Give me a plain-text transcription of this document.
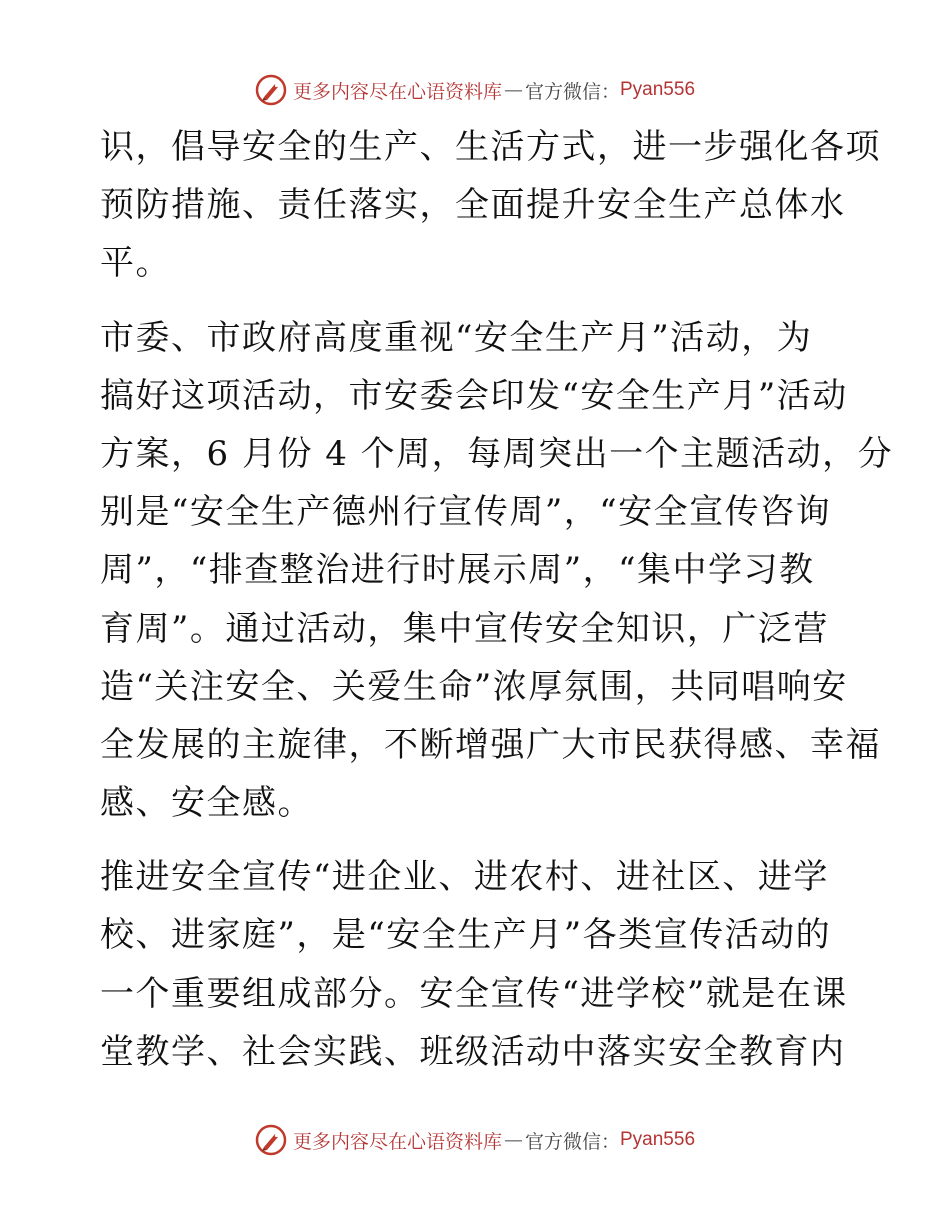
更多内容尽在心语资料库 — 官方微信： Pyan556
识，倡导安全的生产、生活方式，进一步强化各项
预防措施、责任落实，全面提升安全生产总体水
平。
市委、市政府高度重视“安全生产月”活动，为
搞好这项活动，市安委会印发“安全生产月”活动
方案，6 月份 4 个周，每周突出一个主题活动，分
别是“安全生产德州行宣传周”，“安全宣传咨询
周”，“排查整治进行时展示周”，“集中学习教
育周”。通过活动，集中宣传安全知识，广泛营
造“关注安全、关爱生命”浓厚氛围，共同唱响安
全发展的主旋律，不断增强广大市民获得感、幸福
感、安全感。
推进安全宣传“进企业、进农村、进社区、进学
校、进家庭”，是“安全生产月”各类宣传活动的
一个重要组成部分。安全宣传“进学校”就是在课
堂教学、社会实践、班级活动中落实安全教育内
更多内容尽在心语资料库 — 官方微信： Pyan556
